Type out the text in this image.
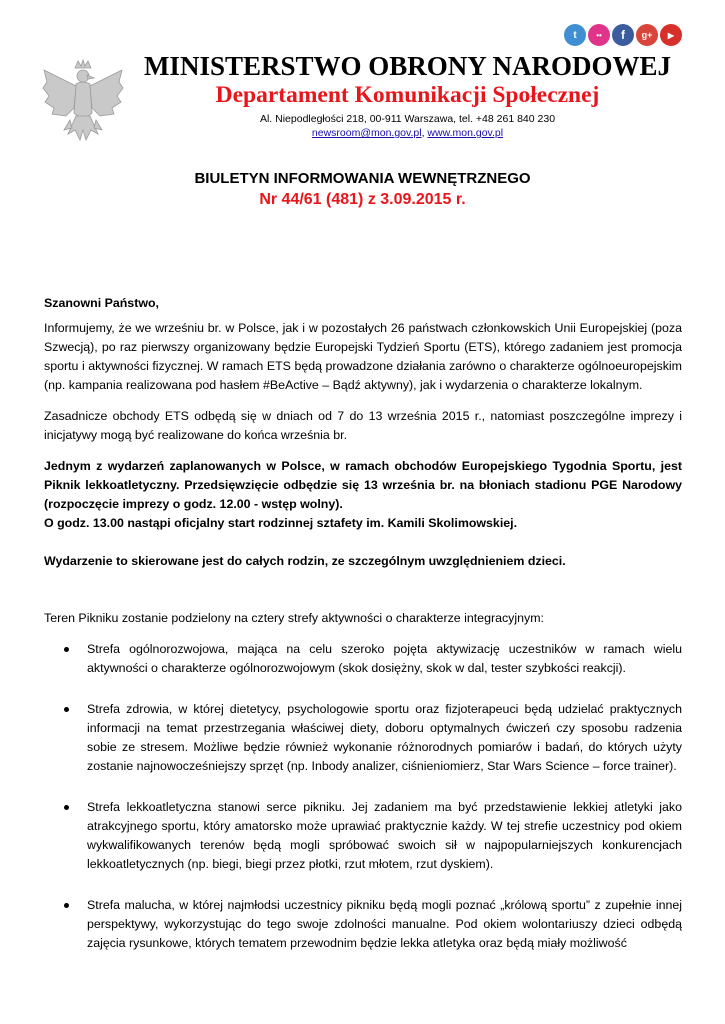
t	••	f	g+	▶
MINISTERSTWO OBRONY NARODOWEJ
Departament Komunikacji Społecznej
Al. Niepodległości 218, 00-911 Warszawa, tel. +48 261 840 230
newsroom@mon.gov.pl, www.mon.gov.pl
BIULETYN INFORMOWANIA WEWNĘTRZNEGO
Nr 44/61 (481) z 3.09.2015 r.

Szanowni Państwo,

Informujemy, że we wrześniu br. w Polsce, jak i w pozostałych 26 państwach członkowskich Unii Europejskiej (poza Szwecją), po raz pierwszy organizowany będzie Europejski Tydzień Sportu (ETS), którego zadaniem jest promocja sportu i aktywności fizycznej. W ramach ETS będą prowadzone działania zarówno o charakterze ogólnoeuropejskim (np. kampania realizowana pod hasłem #BeActive – Bądź aktywny), jak i wydarzenia o charakterze lokalnym.

Zasadnicze obchody ETS odbędą się w dniach od 7 do 13 września 2015 r., natomiast poszczególne imprezy i inicjatywy mogą być realizowane do końca września br.

Jednym z wydarzeń zaplanowanych w Polsce, w ramach obchodów Europejskiego Tygodnia Sportu, jest Piknik lekkoatletyczny. Przedsięwzięcie odbędzie się 13 września br. na błoniach stadionu PGE Narodowy (rozpoczęcie imprezy o godz. 12.00 - wstęp wolny).

O godz. 13.00 nastąpi oficjalny start rodzinnej sztafety im. Kamili Skolimowskiej.

Wydarzenie to skierowane jest do całych rodzin, ze szczególnym uwzględnieniem dzieci.

Teren Pikniku zostanie podzielony na cztery strefy aktywności o charakterze integracyjnym:

Strefa ogólnorozwojowa, mająca na celu szeroko pojęta aktywizację uczestników w ramach wielu aktywności o charakterze ogólnorozwojowym (skok dosiężny, skok w dal, tester szybkości reakcji).
Strefa zdrowia, w której dietetycy, psychologowie sportu oraz fizjoterapeuci będą udzielać praktycznych informacji na temat przestrzegania właściwej diety, doboru optymalnych ćwiczeń czy sposobu radzenia sobie ze stresem. Możliwe będzie również wykonanie różnorodnych pomiarów i badań, do których użyty zostanie najnowocześniejszy sprzęt (np. Inbody analizer, ciśnieniomierz, Star Wars Science – force trainer).
Strefa lekkoatletyczna stanowi serce pikniku. Jej zadaniem ma być przedstawienie lekkiej atletyki jako atrakcyjnego sportu, który amatorsko może uprawiać praktycznie każdy. W tej strefie uczestnicy pod okiem wykwalifikowanych terenów będą mogli spróbować swoich sił w najpopularniejszych konkurencjach lekkoatletycznych (np. biegi, biegi przez płotki, rzut młotem, rzut dyskiem).
Strefa malucha, w której najmłodsi uczestnicy pikniku będą mogli poznać „królową sportu” z zupełnie innej perspektywy, wykorzystując do tego swoje zdolności manualne. Pod okiem wolontariuszy dzieci odbędą zajęcia rysunkowe, których tematem przewodnim będzie lekka atletyka oraz będą miały możliwość
